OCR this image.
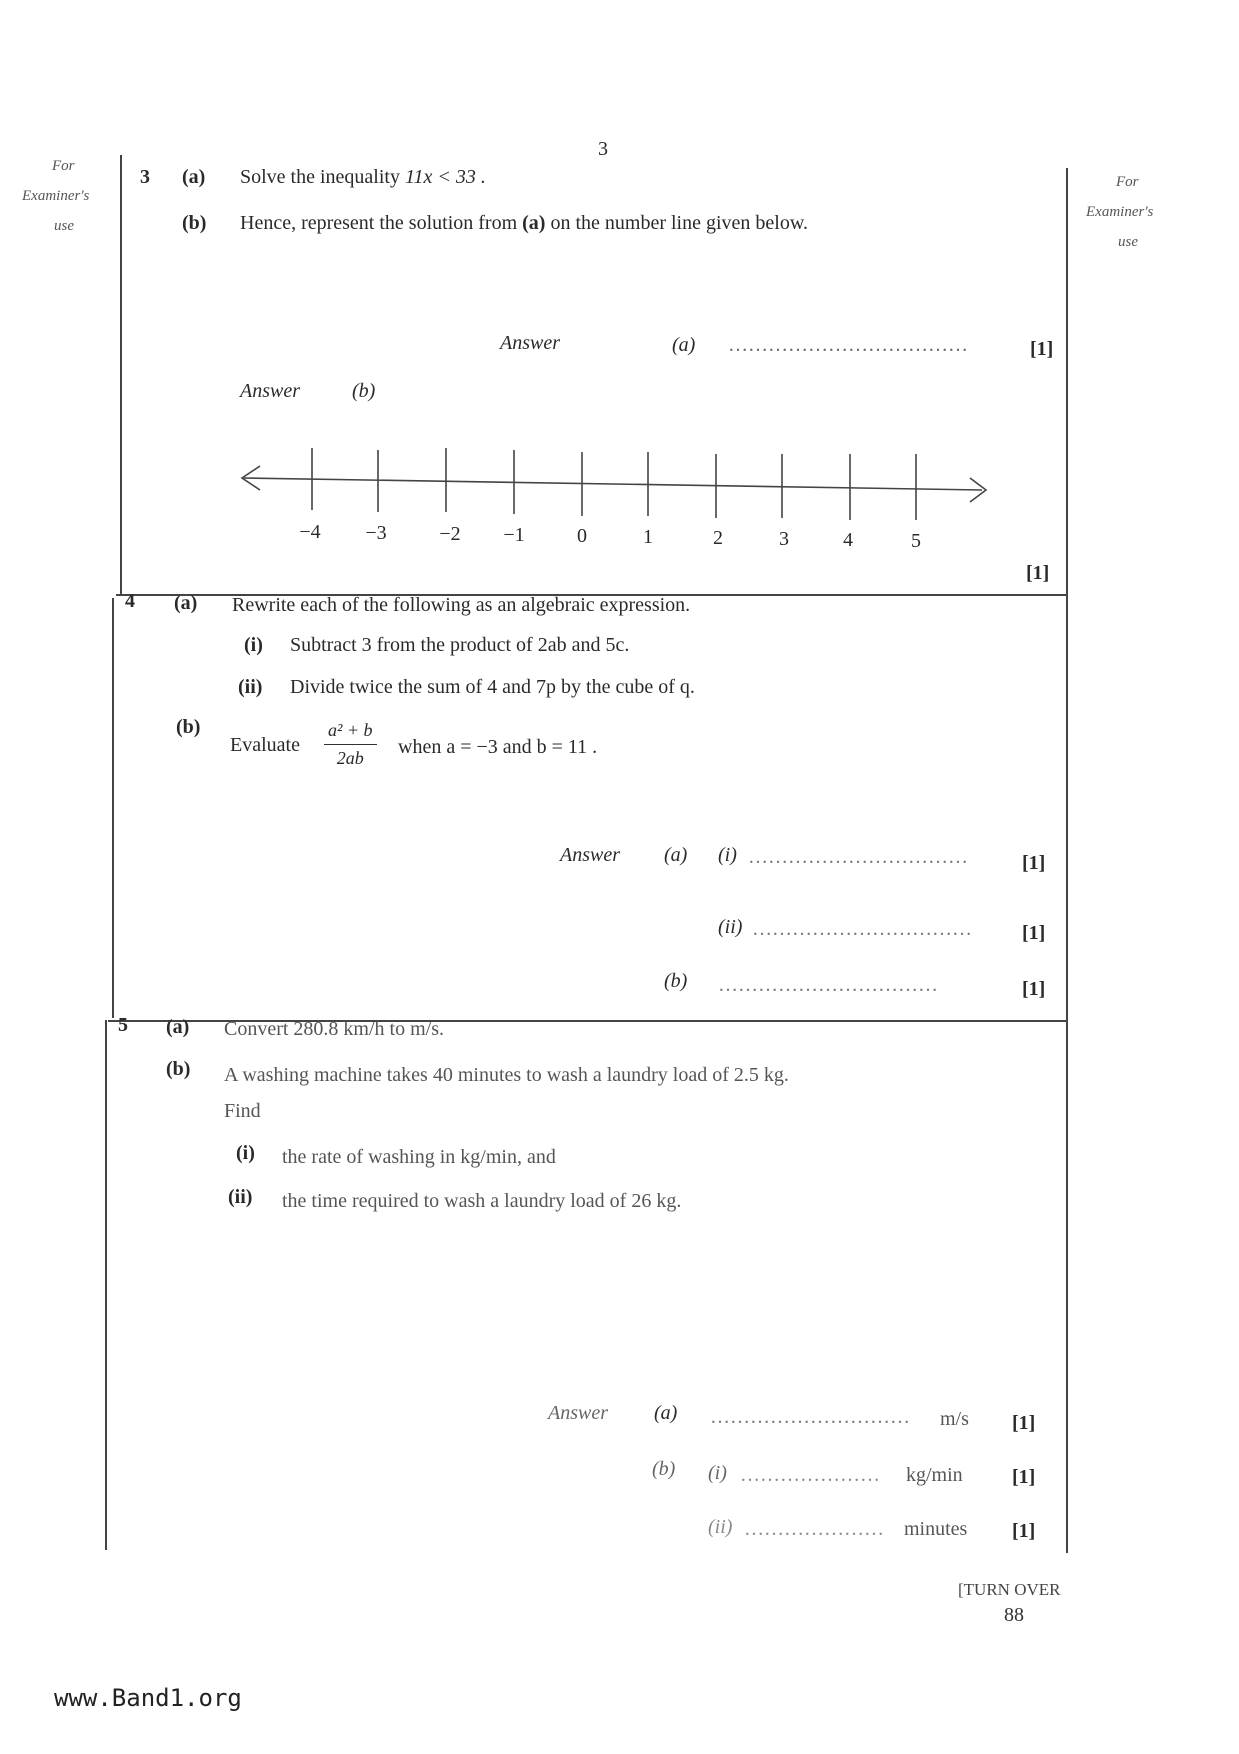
3
For
Examiner's
use
For
Examiner's
use
3 (a) Solve the inequality 11x < 33 .
(b) Hence, represent the solution from (a) on the number line given below.
Answer	(a) ………………………………	[1]
Answer	(b)
−4 −3	−2 −1	0	1	2	3	4	5
[1]
4 (a) Rewrite each of the following as an algebraic expression.
(i) Subtract 3 from the product of 2ab and 5c.
(ii) Divide twice the sum of 4 and 7p by the cube of q.
(b)
Evaluate
a² + b
2ab	when a = −3 and b = 11 .
Answer (a) (i) ……………………………	[1]
(ii) ……………………………	[1]
(b) ……………………………	[1]
5 (a) Convert 280.8 km/h to m/s.
(b) A washing machine takes 40 minutes to wash a laundry load of 2.5 kg.
Find
(i) the rate of washing in kg/min, and
(ii) the time required to wash a laundry load of 26 kg.
Answer (a) ………………………… m/s [1]
(b) (i) ………………… kg/min [1]
(ii) ………………… minutes [1]
[TURN OVER
88
www.Band1.org
